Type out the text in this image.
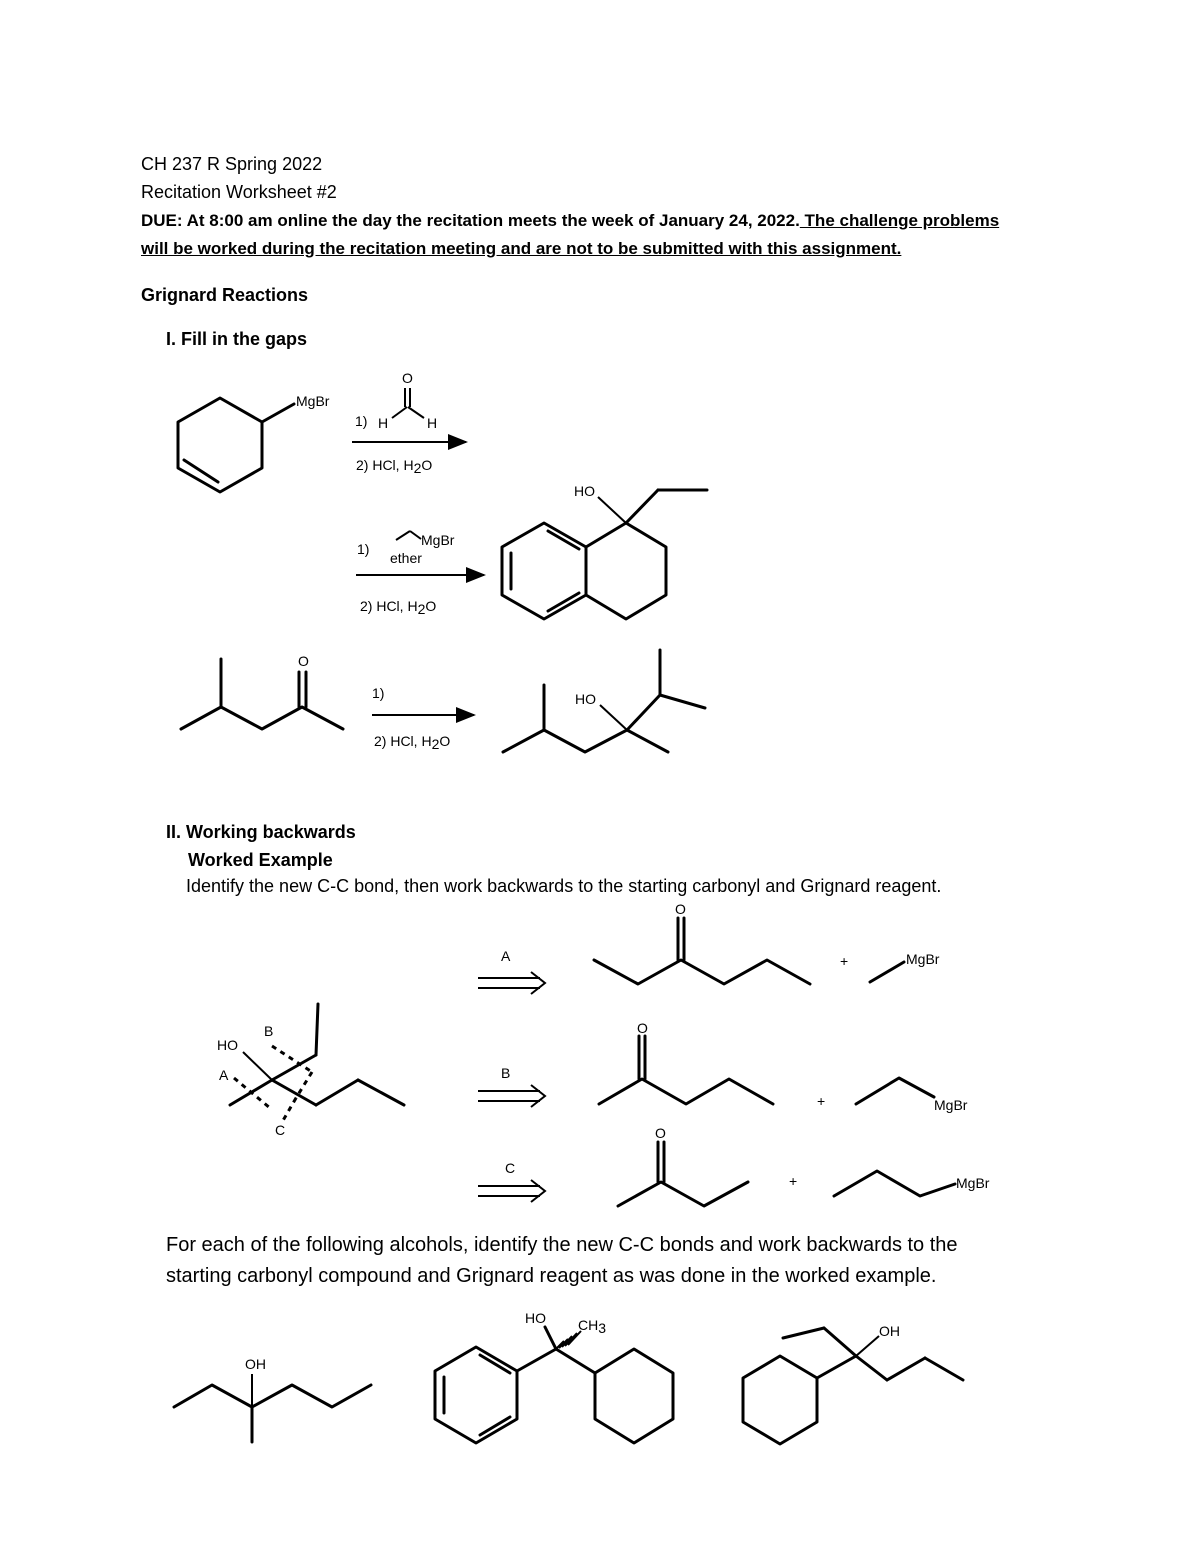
CH 237 R Spring 2022
Recitation Worksheet #2
DUE: At 8:00 am online the day the recitation meets the week of January 24, 2022. The challenge problems
will be worked during the recitation meeting and are not to be submitted with this assignment.
Grignard Reactions
I. Fill in the gaps
II. Working backwards
Worked Example
Identify the new C-C bond, then work backwards to the starting carbonyl and Grignard reagent.
For each of the following alcohols, identify the new C-C bonds and work backwards to the
starting carbonyl compound and Grignard reagent as was done in the worked example.
MgBr
O
H	H
1)
2) HCl, H2O
MgBr
ether
1)
2) HCl, H2O
HO
O
1)
2) HCl, H2O
HO
HO
B
A
C
A
O
+	MgBr
B
O
+	MgBr
C
O
+	MgBr
OH
HO CH3	OH
